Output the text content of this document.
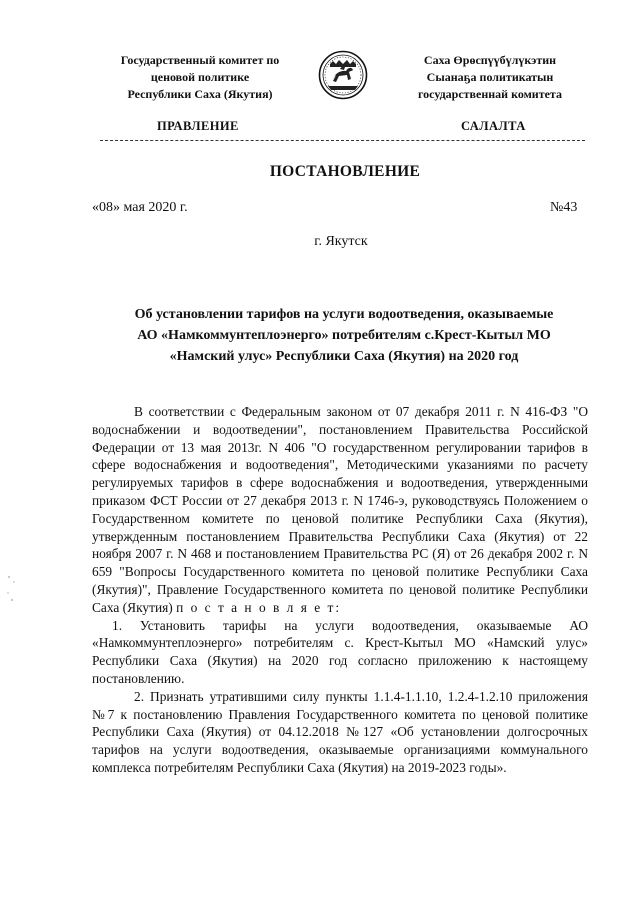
Государственный комитет по
ценовой политике
Республики Саха (Якутия)
Саха Өрөспүүбүлүкэтин
Сыанаҕа политикатын
государственнай комитета
ПРАВЛЕНИЕ	САЛАЛТА
ПОСТАНОВЛЕНИЕ
«08» мая 2020 г.	№43
г. Якутск
Об установлении тарифов на услуги водоотведения, оказываемые
АО «Намкоммунтеплоэнерго» потребителям с.Крест-Кытыл МО
«Намский улус» Республики Саха (Якутия) на 2020 год

В соответствии с Федеральным законом от 07 декабря 2011 г. N 416-ФЗ "О водоснабжении и водоотведении", постановлением Правительства Российской Федерации от 13 мая 2013г. N 406 "О государственном регулировании тарифов в сфере водоснабжения и водоотведения", Методическими указаниями по расчету регулируемых тарифов в сфере водоснабжения и водоотведения, утвержденными приказом ФСТ России от 27 декабря 2013 г. N 1746-э, руководствуясь Положением о Государственном комитете по ценовой политике Республики Саха (Якутия), утвержденным постановлением Правительства Республики Саха (Якутия) от 22 ноября 2007 г. N 468 и постановлением Правительства РС (Я) от 26 декабря 2002 г. N 659 "Вопросы Государственного комитета по ценовой политике Республики Саха (Якутия)", Правление Государственного комитета по ценовой политике Республики Саха (Якутия) п о с т а н о в л я е т:

1. Установить тарифы на услуги водоотведения, оказываемые АО «Намкоммунтеплоэнерго» потребителям с. Крест-Кытыл МО «Намский улус» Республики Саха (Якутия) на 2020 год согласно приложению к настоящему постановлению.

2. Признать утратившими силу пункты 1.1.4-1.1.10, 1.2.4-1.2.10 приложения №7 к постановлению Правления Государственного комитета по ценовой политике Республики Саха (Якутия) от 04.12.2018 №127 «Об установлении долгосрочных тарифов на услуги водоотведения, оказываемые организациями коммунального комплекса потребителям Республики Саха (Якутия) на 2019-2023 годы».
